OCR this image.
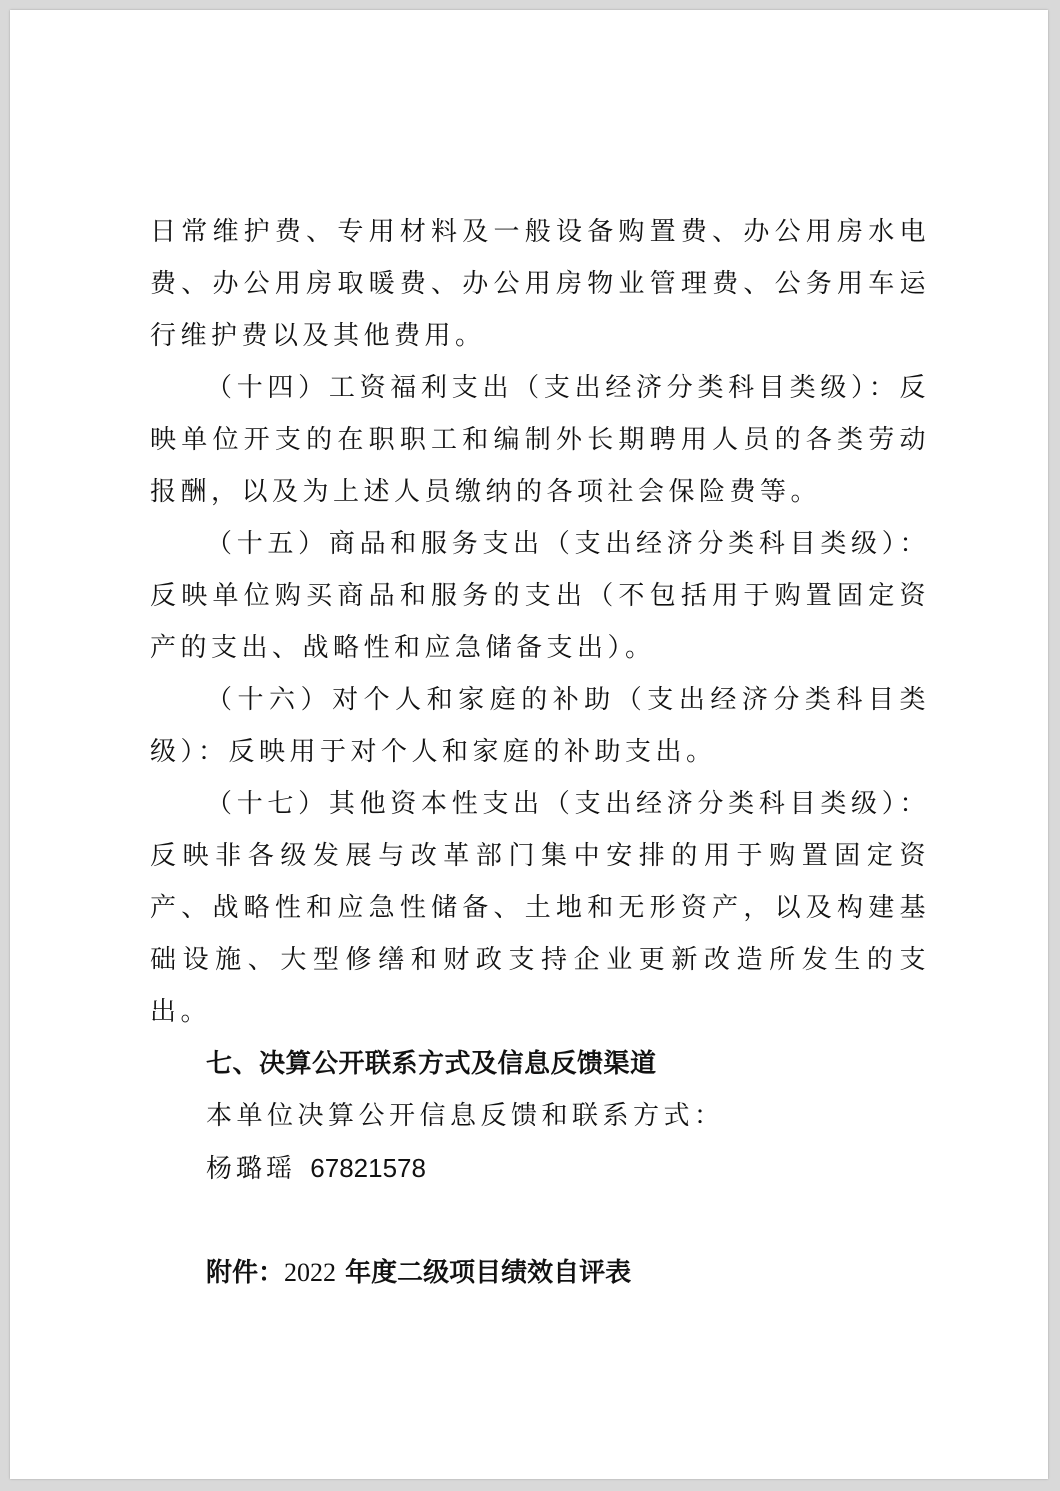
日常维护费、专用材料及一般设备购置费、办公用房水电费、办公用房取暖费、办公用房物业管理费、公务用车运行维护费以及其他费用。

（十四）工资福利支出（支出经济分类科目类级）：反映单位开支的在职职工和编制外长期聘用人员的各类劳动报酬，以及为上述人员缴纳的各项社会保险费等。

（十五）商品和服务支出（支出经济分类科目类级）：反映单位购买商品和服务的支出（不包括用于购置固定资产的支出、战略性和应急储备支出）。

（十六）对个人和家庭的补助（支出经济分类科目类级）：反映用于对个人和家庭的补助支出。

（十七）其他资本性支出（支出经济分类科目类级）：反映非各级发展与改革部门集中安排的用于购置固定资产、战略性和应急性储备、土地和无形资产，以及构建基础设施、大型修缮和财政支持企业更新改造所发生的支出。

七、决算公开联系方式及信息反馈渠道

本单位决算公开信息反馈和联系方式：

杨璐瑶 67821578

附件：2022 年度二级项目绩效自评表
